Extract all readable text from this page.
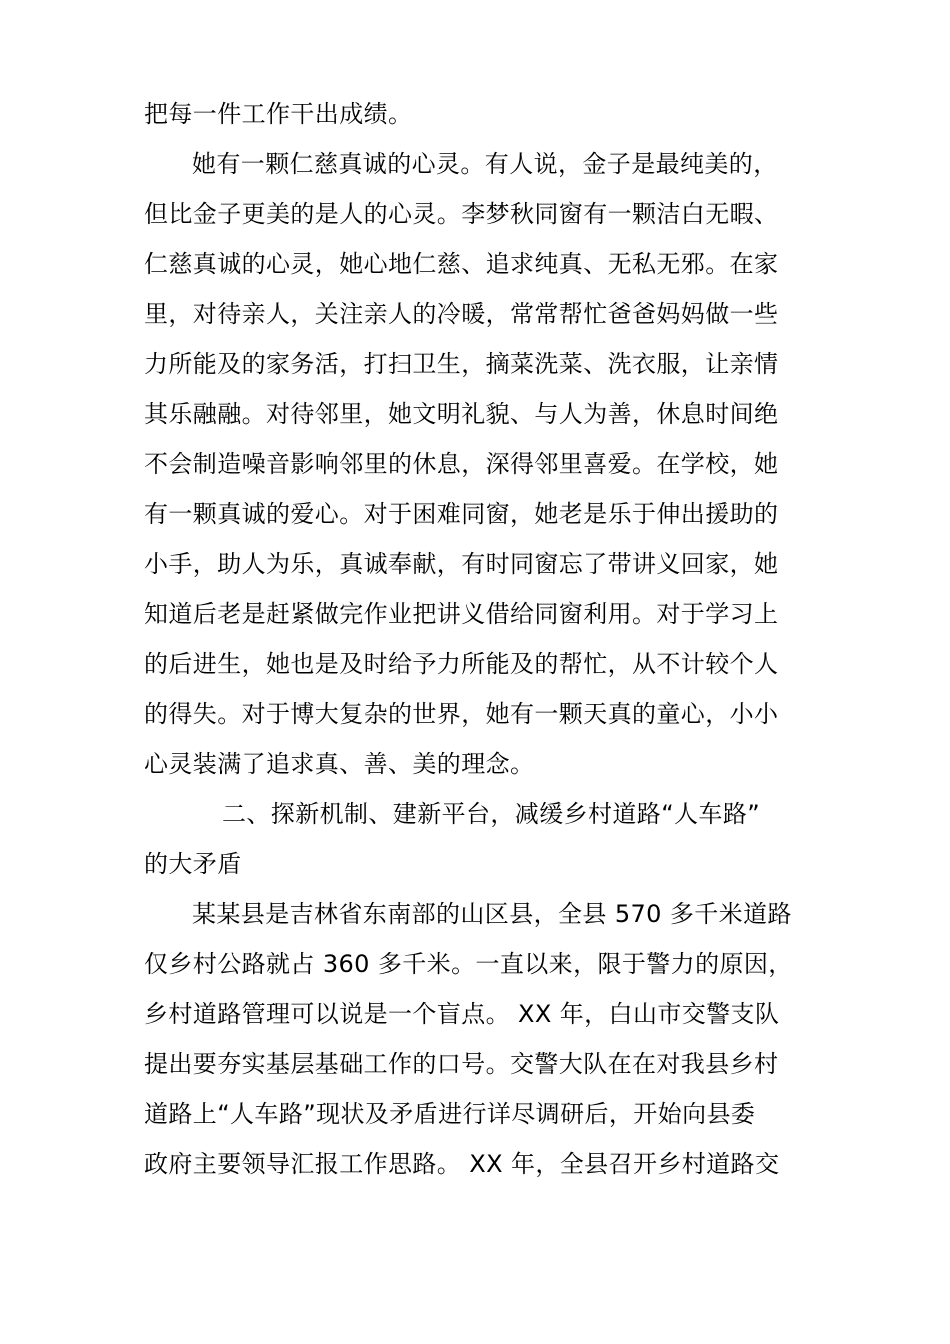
把每一件工作干出成绩。
她有一颗仁慈真诚的心灵。有人说，金子是最纯美的，
但比金子更美的是人的心灵。李梦秋同窗有一颗洁白无暇、
仁慈真诚的心灵，她心地仁慈、追求纯真、无私无邪。在家
里，对待亲人，关注亲人的冷暖，常常帮忙爸爸妈妈做一些
力所能及的家务活，打扫卫生，摘菜洗菜、洗衣服，让亲情
其乐融融。对待邻里，她文明礼貌、与人为善，休息时间绝
不会制造噪音影响邻里的休息，深得邻里喜爱。在学校，她
有一颗真诚的爱心。对于困难同窗，她老是乐于伸出援助的
小手，助人为乐，真诚奉献，有时同窗忘了带讲义回家，她
知道后老是赶紧做完作业把讲义借给同窗利用。对于学习上
的后进生，她也是及时给予力所能及的帮忙，从不计较个人
的得失。对于博大复杂的世界，她有一颗天真的童心，小小
心灵装满了追求真、善、美的理念。
二、探新机制、建新平台，减缓乡村道路“人车路”
的大矛盾
某某县是吉林省东南部的山区县，全县 570 多千米道路
仅乡村公路就占 360 多千米。一直以来，限于警力的原因，
乡村道路管理可以说是一个盲点。 XX 年，白山市交警支队
提出要夯实基层基础工作的口号。交警大队在在对我县乡村
道路上“人车路”现状及矛盾进行详尽调研后，开始向县委
政府主要领导汇报工作思路。 XX 年，全县召开乡村道路交
